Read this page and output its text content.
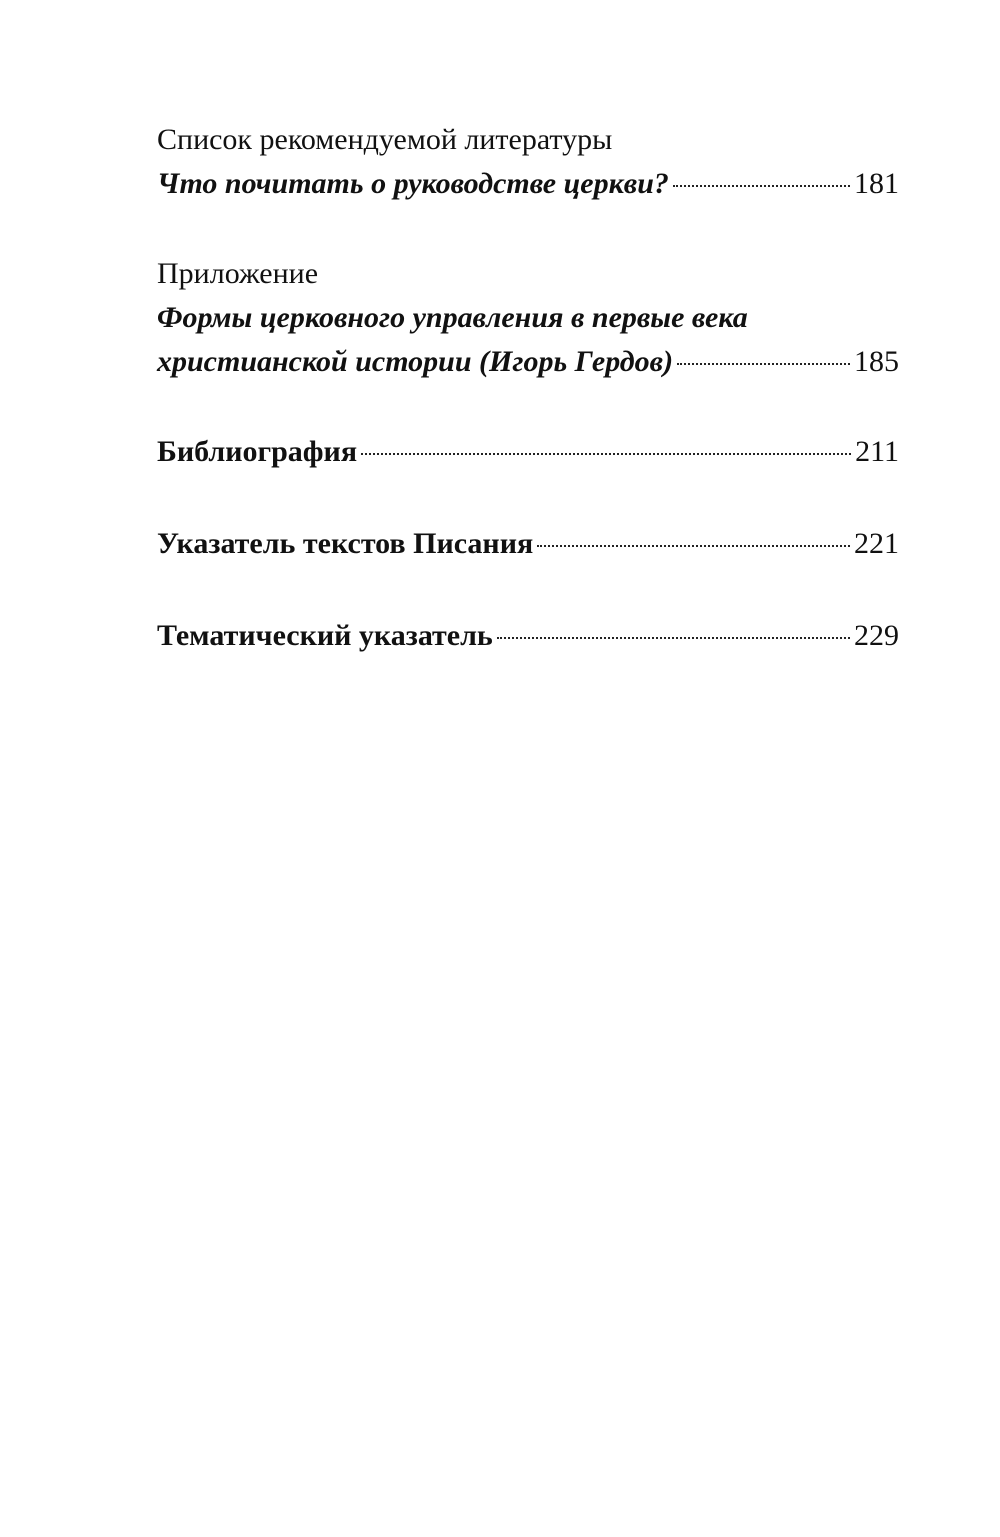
Список рекомендуемой литературы
Что почитать о руководстве церкви?	181
Приложение
Формы церковного управления в первые века
христианской истории (Игорь Гердов)	185
Библиография	211
Указатель текстов Писания	221
Тематический указатель	229
